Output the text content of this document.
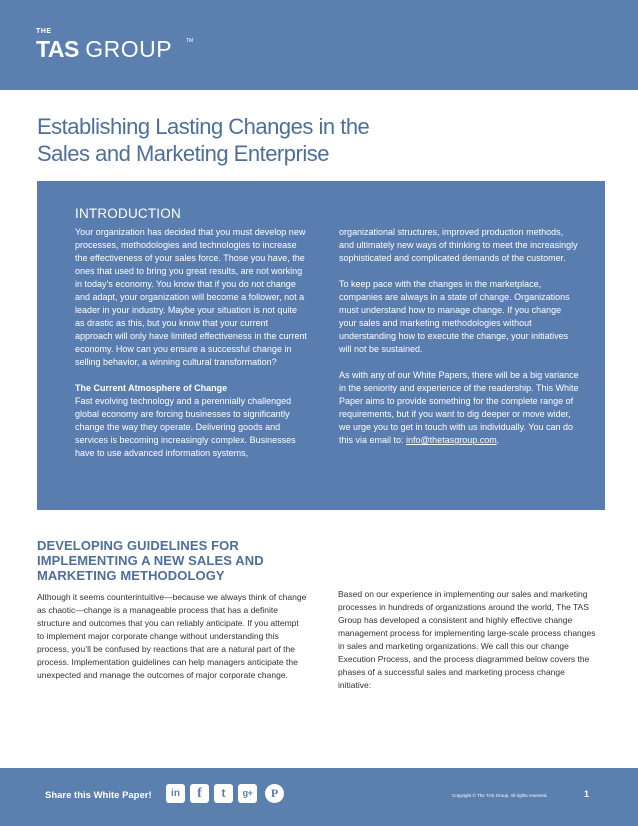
THE
TAS GROUP	TM
Establishing Lasting Changes in the
Sales and Marketing Enterprise
INTRODUCTION

Your organization has decided that you must develop new processes, methodologies and technologies to increase the effectiveness of your sales force. Those you have, the ones that used to bring you great results, are not working in today’s economy. You know that if you do not change and adapt, your organization will become a follower, not a leader in your industry. Maybe your situation is not quite as drastic as this, but you know that your current approach will only have limited effectiveness in the current economy. How can you ensure a successful change in selling behavior, a winning cultural transformation?

The Current Atmosphere of Change

Fast evolving technology and a perennially challenged global economy are forcing businesses to significantly change the way they operate. Delivering goods and services is becoming increasingly complex. Businesses have to use advanced information systems,

organizational structures, improved production methods, and ultimately new ways of thinking to meet the increasingly sophisticated and complicated demands of the customer.

To keep pace with the changes in the marketplace, companies are always in a state of change. Organizations must understand how to manage change. If you change your sales and marketing methodologies without understanding how to execute the change, your initiatives will not be sustained.

As with any of our White Papers, there will be a big variance in the seniority and experience of the readership. This White Paper aims to provide something for the complete range of requirements, but if you want to dig deeper or move wider, we urge you to get in touch with us individually. You can do this via email to: info@thetasgroup.com.

DEVELOPING GUIDELINES FOR IMPLEMENTING A NEW SALES AND MARKETING METHODOLOGY
Although it seems counterintuitive—because we always think of change as chaotic—change is a manageable process that has a definite structure and outcomes that you can reliably anticipate. If you attempt to implement major corporate change without understanding this process, you’ll be confused by reactions that are a natural part of the process. Implementation guidelines can help managers anticipate the unexpected and manage the outcomes of major corporate change.
Based on our experience in implementing our sales and marketing processes in hundreds of organizations around the world, The TAS Group has developed a consistent and highly effective change management process for implementing large-scale process changes in sales and marketing organizations. We call this our change Execution Process, and the process diagrammed below covers the phases of a successful sales and marketing process change initiative:
Share this White Paper!	in	f	t	g+	P	Copyright © The TAS Group. All rights reserved.	1
